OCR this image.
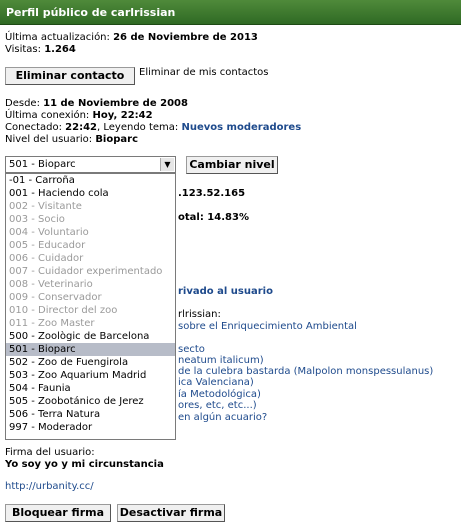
Perfil público de carlrissian
Última actualización: 26 de Noviembre de 2013
Visitas: 1.264
Eliminar contacto	Eliminar de mis contactos
Desde: 11 de Noviembre de 2008
Última conexión: Hoy, 22:42
Conectado: 22:42, Leyendo tema: Nuevos moderadores
Nivel del usuario: Bioparc
.123.52.165
otal: 14.83%
rivado al usuario
rlrissian:
sobre el Enriquecimiento Ambiental
secto
neatum italicum)
de la culebra bastarda (Malpolon monspessulanus)
ica Valenciana)
ía Metodológica)
ores, etc, etc...)
en algún acuario?
501 - Bioparc	▼	Cambiar nivel
-01 - Carroña
001 - Haciendo cola
002 - Visitante
003 - Socio
004 - Voluntario
005 - Educador
006 - Cuidador
007 - Cuidador experimentado
008 - Veterinario
009 - Conservador
010 - Director del zoo
011 - Zoo Master
500 - Zoològic de Barcelona
501 - Bioparc
502 - Zoo de Fuengirola
503 - Zoo Aquarium Madrid
504 - Faunia
505 - Zoobotánico de Jerez
506 - Terra Natura
997 - Moderador
Firma del usuario:
Yo soy yo y mi circunstancia
http://urbanity.cc/
Bloquear firma	Desactivar firma
